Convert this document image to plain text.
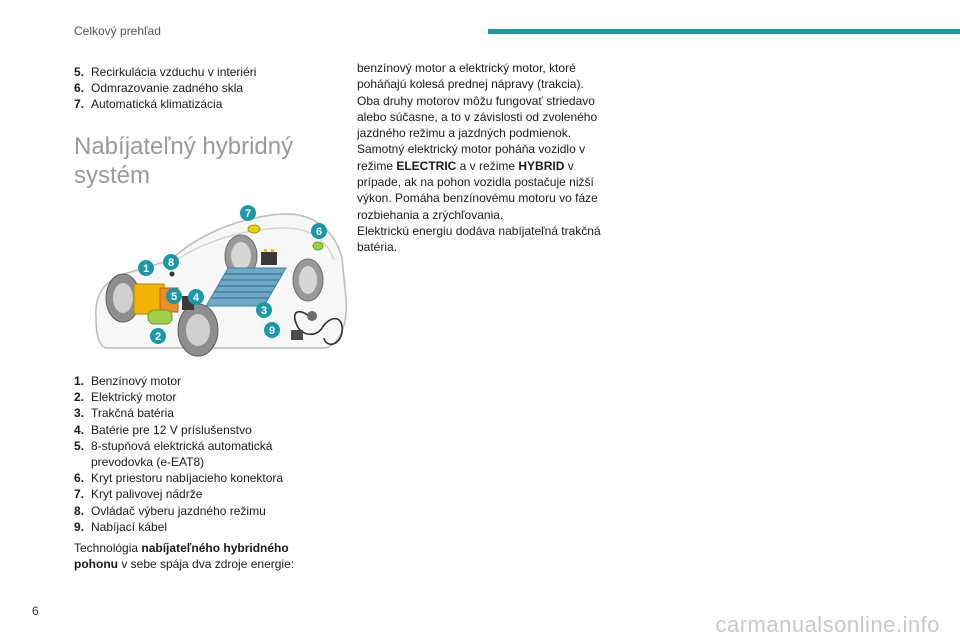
Celkový prehľad
5. Recirkulácia vzduchu v interiéri
6. Odmrazovanie zadného skla
7. Automatická klimatizácia
Nabíjateľný hybridný systém
1
2
3
4
5
6
7
8
9
1. Benzínový motor
2. Elektrický motor
3. Trakčná batéria
4. Batérie pre 12 V príslušenstvo
5. 8-stupňová elektrická automatická prevodovka (e-EAT8)
6. Kryt priestoru nabíjacieho konektora
7. Kryt palivovej nádrže
8. Ovládač výberu jazdného režimu
9. Nabíjací kábel

Technológia nabíjateľného hybridného pohonu v sebe spája dva zdroje energie:

benzínový motor a elektrický motor, ktoré poháňajú kolesá prednej nápravy (trakcia).

Oba druhy motorov môžu fungovať striedavo alebo súčasne, a to v závislosti od zvoleného jazdného režimu a jazdných podmienok.

Samotný elektrický motor poháňa vozidlo v režime ELECTRIC a v režime HYBRID v prípade, ak na pohon vozidla postačuje nižší výkon. Pomáha benzínovému motoru vo fáze rozbiehania a zrýchľovania.

Elektrickú energiu dodáva nabíjateľná trakčná batéria.

6
carmanualsonline.info
